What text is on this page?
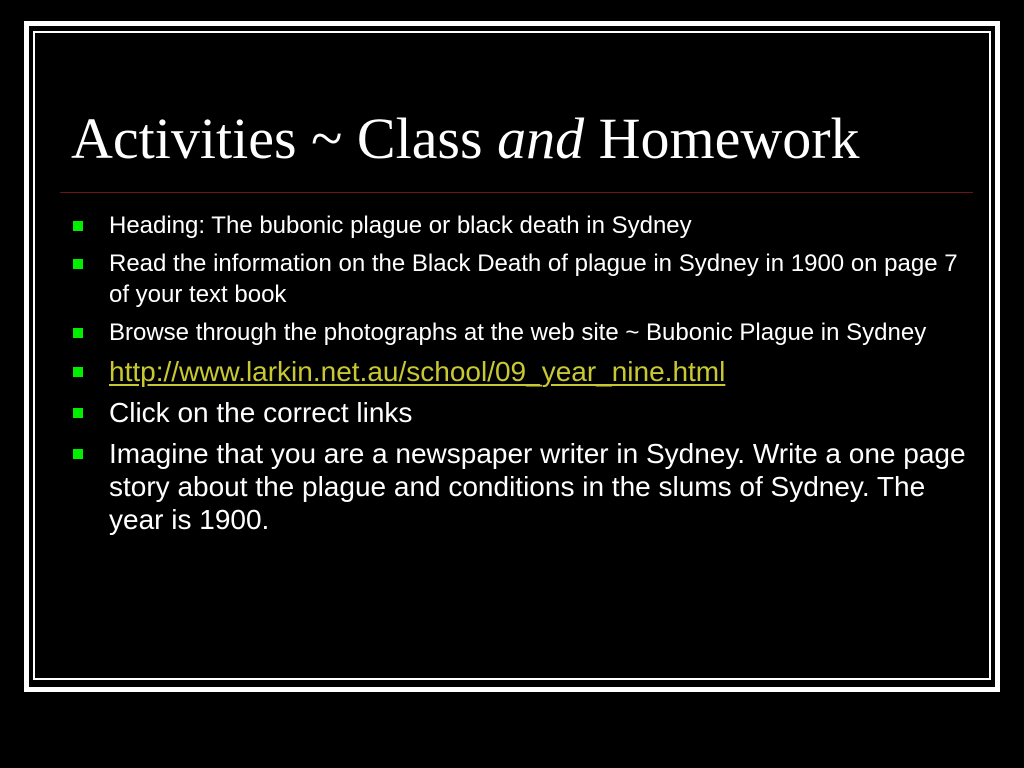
Activities ~ Class and Homework
Heading: The bubonic plague or black death in Sydney
Read the information on the Black Death of plague in Sydney in 1900 on page 7 of your text book
Browse through the photographs at the web site ~ Bubonic Plague in Sydney
http://www.larkin.net.au/school/09_year_nine.html
Click on the correct links
Imagine that you are a newspaper writer in Sydney. Write a one page story about the plague and conditions in the slums of Sydney. The year is 1900.
